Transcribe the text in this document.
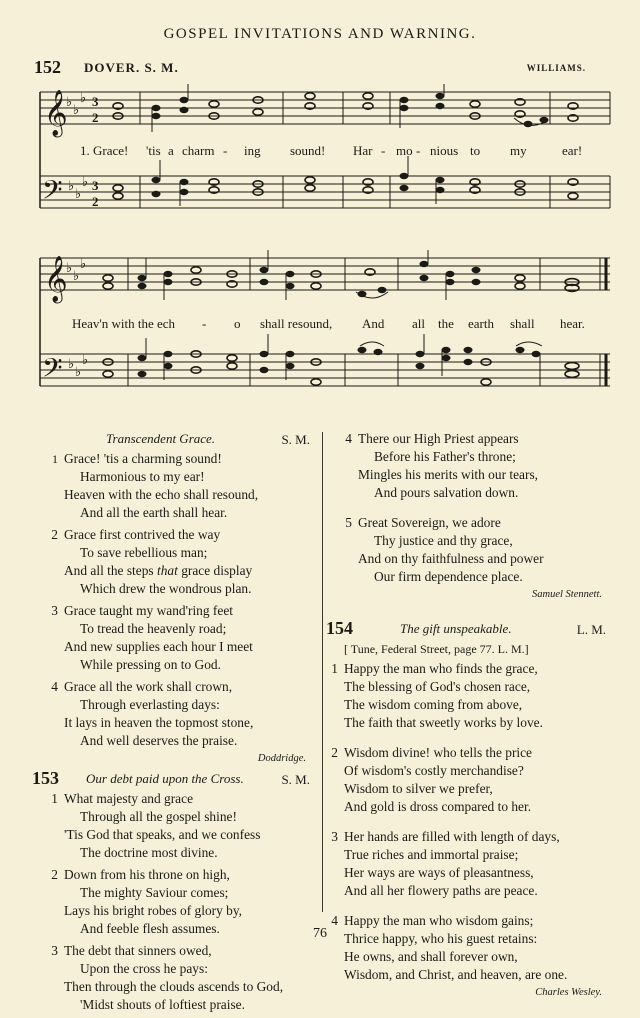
GOSPEL INVITATIONS AND WARNING.
152 DOVER. S. M.	WILLIAMS.
𝄞
𝄢
♭
♭
♭
♭
♭
♭
3
2
3
2
1. Grace! 'tis a charm - ing sound! Har - mo - nious to my	ear!
𝄞
𝄢
♭
♭
♭
♭
♭
♭
Heav'n with the ech - o shall resound, And all the earth shall hear.
Transcendent Grace.	S. M.
1 Grace! 'tis a charming sound!
Harmonious to my ear!
Heaven with the echo shall resound,
And all the earth shall hear.
2 Grace first contrived the way
To save rebellious man;
And all the steps that grace display
Which drew the wondrous plan.
3 Grace taught my wand'ring feet
To tread the heavenly road;
And new supplies each hour I meet
While pressing on to God.
4 Grace all the work shall crown,
Through everlasting days:
It lays in heaven the topmost stone,
And well deserves the praise.
Doddridge.
153 Our debt paid upon the Cross.	S. M.
1 What majesty and grace
Through all the gospel shine!
'Tis God that speaks, and we confess
The doctrine most divine.
2 Down from his throne on high,
The mighty Saviour comes;
Lays his bright robes of glory by,
And feeble flesh assumes.
3 The debt that sinners owed,
Upon the cross he pays:
Then through the clouds ascends to God,
'Midst shouts of loftiest praise.
4 There our High Priest appears
Before his Father's throne;
Mingles his merits with our tears,
And pours salvation down.
5 Great Sovereign, we adore
Thy justice and thy grace,
And on thy faithfulness and power
Our firm dependence place.
Samuel Stennett.
154	The gift unspeakable.	L. M.
[ Tune, Federal Street, page 77. L. M.]
1 Happy the man who finds the grace,
The blessing of God's chosen race,
The wisdom coming from above,
The faith that sweetly works by love.
2 Wisdom divine! who tells the price
Of wisdom's costly merchandise?
Wisdom to silver we prefer,
And gold is dross compared to her.
3 Her hands are filled with length of days,
True riches and immortal praise;
Her ways are ways of pleasantness,
And all her flowery paths are peace.
4 Happy the man who wisdom gains;
Thrice happy, who his guest retains:
He owns, and shall forever own,
Wisdom, and Christ, and heaven, are one.
Charles Wesley.
76
